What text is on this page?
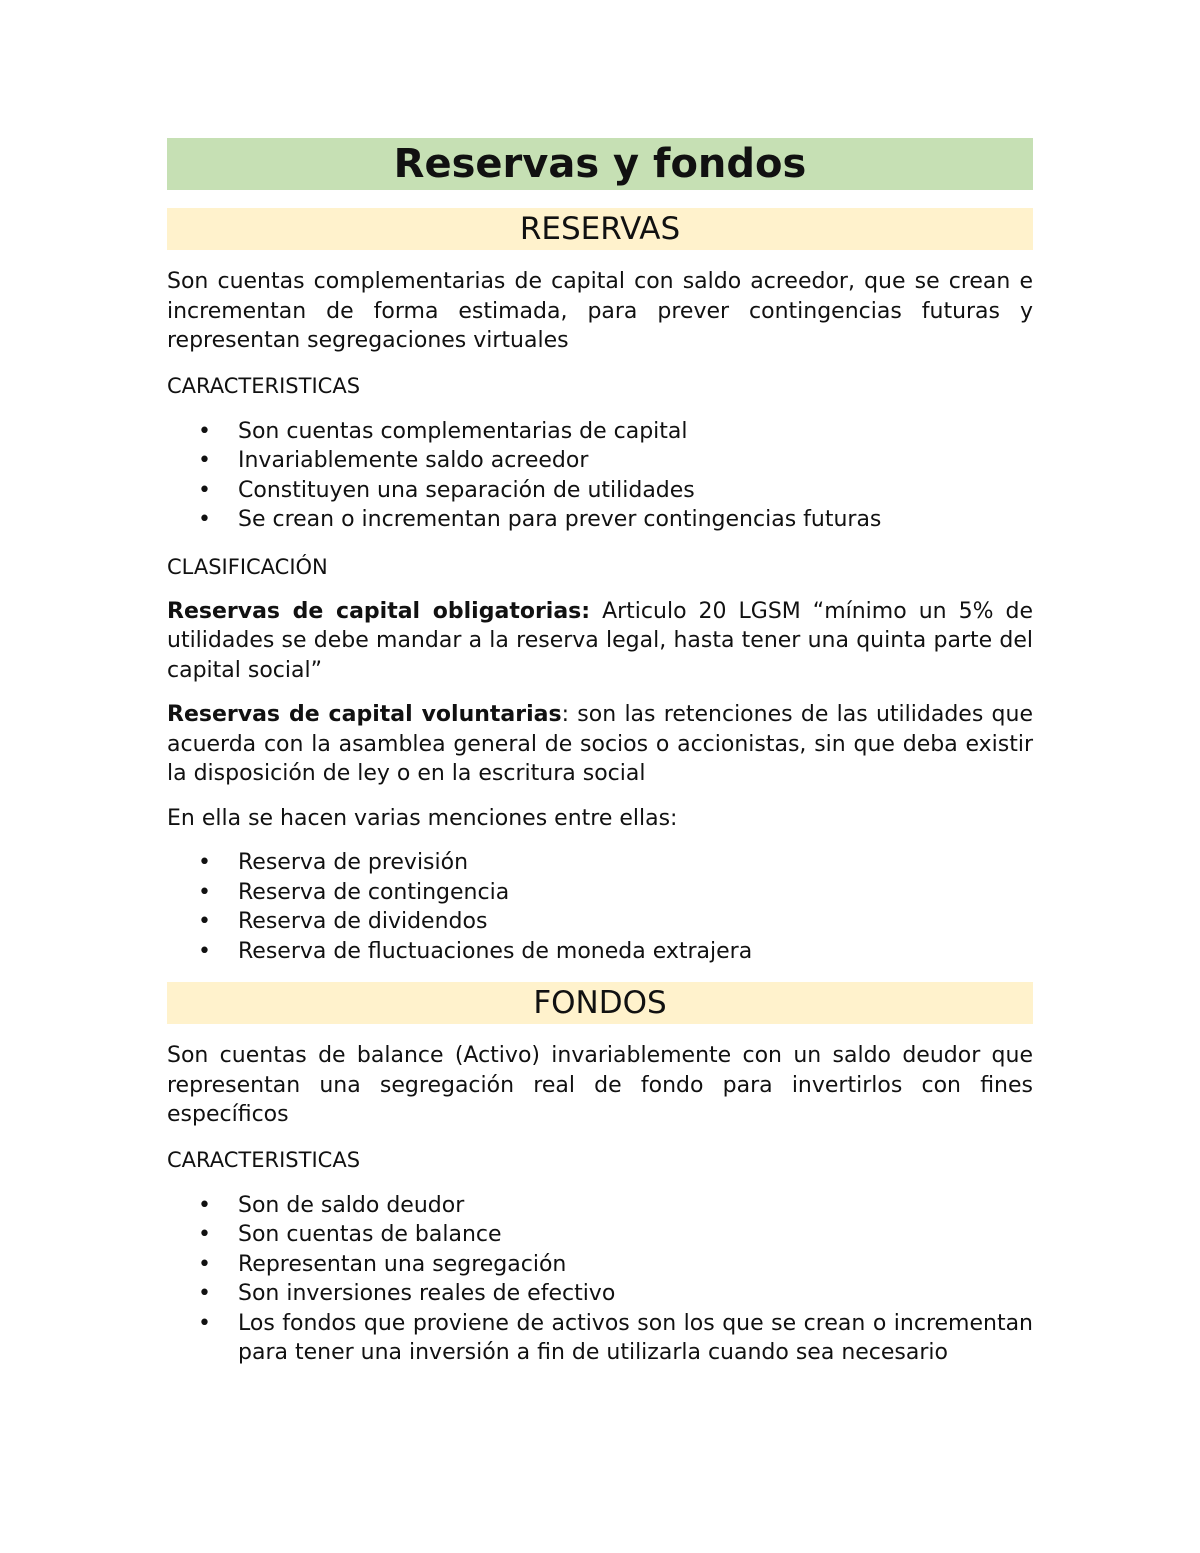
Reservas y fondos
RESERVAS

Son cuentas complementarias de capital con saldo acreedor, que se crean e incrementan de forma estimada, para prever contingencias futuras y representan segregaciones virtuales

CARACTERISTICAS

• Son cuentas complementarias de capital
• Invariablemente saldo acreedor
• Constituyen una separación de utilidades
• Se crean o incrementan para prever contingencias futuras

CLASIFICACIÓN

Reservas de capital obligatorias: Articulo 20 LGSM “mínimo un 5% de utilidades se debe mandar a la reserva legal, hasta tener una quinta parte del capital social”

Reservas de capital voluntarias: son las retenciones de las utilidades que acuerda con la asamblea general de socios o accionistas, sin que deba existir la disposición de ley o en la escritura social

En ella se hacen varias menciones entre ellas:

• Reserva de previsión
• Reserva de contingencia
• Reserva de dividendos
• Reserva de fluctuaciones de moneda extrajera
FONDOS

Son cuentas de balance (Activo) invariablemente con un saldo deudor que representan una segregación real de fondo para invertirlos con fines específicos

CARACTERISTICAS

• Son de saldo deudor
• Son cuentas de balance
• Representan una segregación
• Son inversiones reales de efectivo
• Los fondos que proviene de activos son los que se crean o incrementan para tener una inversión a fin de utilizarla cuando sea necesario
